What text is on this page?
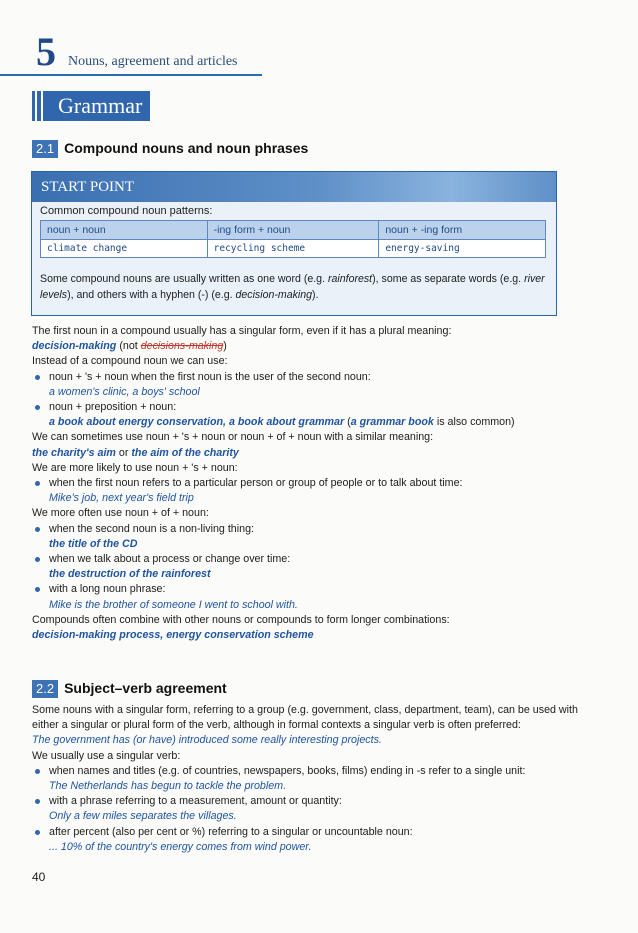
5 Nouns, agreement and articles
Grammar
2.1 Compound nouns and noun phrases
START POINT
Common compound noun patterns:
noun + noun	-ing form + noun	noun + -ing form
climate change	recycling scheme	energy-saving
Some compound nouns are usually written as one word (e.g. rainforest), some as separate words (e.g. river levels), and others with a hyphen (-) (e.g. decision-making).

The first noun in a compound usually has a singular form, even if it has a plural meaning:

decision-making (not decisions-making)

Instead of a compound noun we can use:

noun + 's + noun when the first noun is the user of the second noun:

a women's clinic, a boys' school

noun + preposition + noun:

a book about energy conservation, a book about grammar (a grammar book is also common)

We can sometimes use noun + 's + noun or noun + of + noun with a similar meaning:

the charity's aim or the aim of the charity

We are more likely to use noun + 's + noun:

when the first noun refers to a particular person or group of people or to talk about time:

Mike's job, next year's field trip

We more often use noun + of + noun:

when the second noun is a non-living thing:

the title of the CD

when we talk about a process or change over time:

the destruction of the rainforest

with a long noun phrase:

Mike is the brother of someone I went to school with.

Compounds often combine with other nouns or compounds to form longer combinations:

decision-making process, energy conservation scheme

2.2 Subject–verb agreement

Some nouns with a singular form, referring to a group (e.g. government, class, department, team), can be used with either a singular or plural form of the verb, although in formal contexts a singular verb is often preferred:

The government has (or have) introduced some really interesting projects.

We usually use a singular verb:

when names and titles (e.g. of countries, newspapers, books, films) ending in -s refer to a single unit:

The Netherlands has begun to tackle the problem.

with a phrase referring to a measurement, amount or quantity:

Only a few miles separates the villages.

after percent (also per cent or %) referring to a singular or uncountable noun:

... 10% of the country's energy comes from wind power.

40
